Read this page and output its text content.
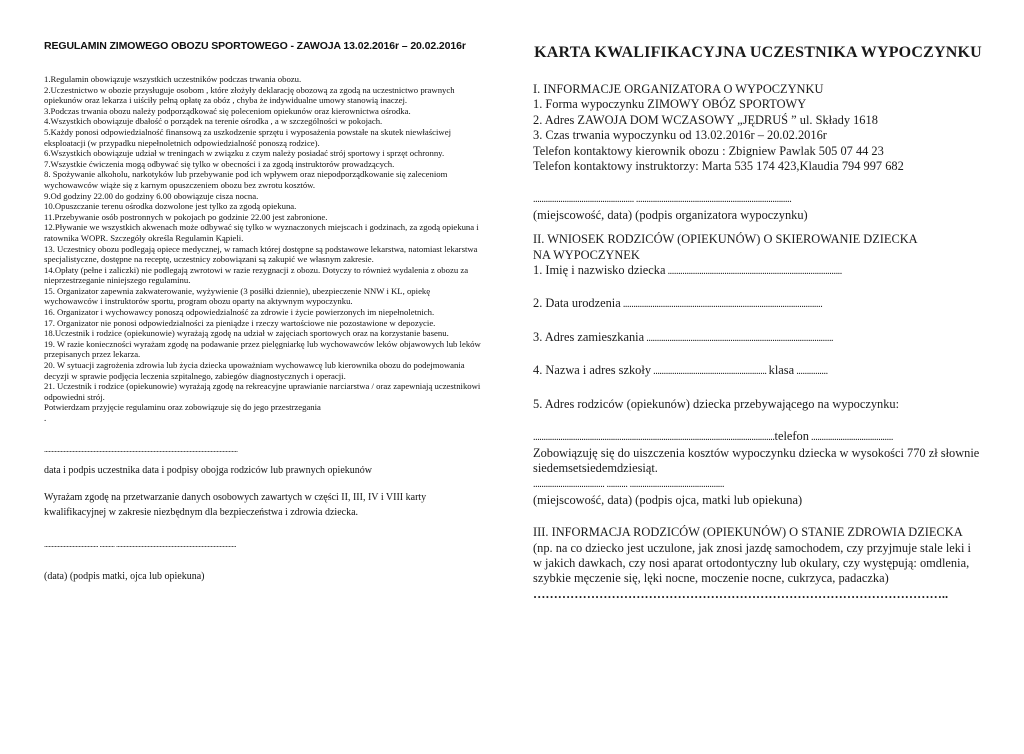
REGULAMIN ZIMOWEGO OBOZU SPORTOWEGO - ZAWOJA 13.02.2016r – 20.02.2016r

1.Regulamin obowiązuje wszystkich uczestników podczas trwania obozu.

2.Uczestnictwo w obozie przysługuje osobom , które złożyły deklarację obozową za zgodą na uczestnictwo prawnych opiekunów oraz lekarza i uiściły pełną opłatę za obóz , chyba że indywidualne umowy stanowią inaczej.

3.Podczas trwania obozu należy podporządkować się poleceniom opiekunów oraz kierownictwa ośrodka.

4.Wszystkich obowiązuje dbałość o porządek na terenie ośrodka , a w szczególności w pokojach.

5.Każdy ponosi odpowiedzialność finansową za uszkodzenie sprzętu i wyposażenia powstałe na skutek niewłaściwej eksploatacji (w przypadku niepełnoletnich odpowiedzialność ponoszą rodzice).

6.Wszystkich obowiązuje udział w treningach w związku z czym należy posiadać strój sportowy i sprzęt ochronny.

7.Wszystkie ćwiczenia mogą odbywać się tylko w obecności i za zgodą instruktorów prowadzących.

8. Spożywanie alkoholu, narkotyków lub przebywanie pod ich wpływem oraz niepodporządkowanie się zaleceniom wychowawców wiąże się z karnym opuszczeniem obozu bez zwrotu kosztów.

9.Od godziny 22.00 do godziny 6.00 obowiązuje cisza nocna.

10.Opuszczanie terenu ośrodka dozwolone jest tylko za zgodą opiekuna.

11.Przebywanie osób postronnych w pokojach po godzinie 22.00 jest zabronione.

12.Pływanie we wszystkich akwenach może odbywać się tylko w wyznaczonych miejscach i godzinach, za zgodą opiekuna i ratownika WOPR. Szczegóły określa Regulamin Kąpieli.

13. Uczestnicy obozu podlegają opiece medycznej, w ramach której dostępne są podstawowe lekarstwa, natomiast lekarstwa specjalistyczne, dostępne na receptę, uczestnicy zobowiązani są zakupić we własnym zakresie.

14.Opłaty (pełne i zaliczki) nie podlegają zwrotowi w razie rezygnacji z obozu. Dotyczy to również wydalenia z obozu za nieprzestrzeganie niniejszego regulaminu.

15. Organizator zapewnia zakwaterowanie, wyżywienie (3 posiłki dziennie), ubezpieczenie NNW i KL, opiekę wychowawców i instruktorów sportu, program obozu oparty na aktywnym wypoczynku.

16. Organizator i wychowawcy ponoszą odpowiedzialność za zdrowie i życie powierzonych im niepełnoletnich.

17. Organizator nie ponosi odpowiedzialności za pieniądze i rzeczy wartościowe nie pozostawione w depozycie.

18.Uczestnik i rodzice (opiekunowie) wyrażają zgodę na udział w zajęciach sportowych oraz na korzystanie basenu.

19. W razie konieczności wyrażam zgodę na podawanie przez pielęgniarkę lub wychowawców leków objawowych lub leków przepisanych przez lekarza.

20. W sytuacji zagrożenia zdrowia lub życia dziecka upoważniam wychowawcę lub kierownika obozu do podejmowania decyzji w sprawie podjęcia leczenia szpitalnego, zabiegów diagnostycznych i operacji.

21. Uczestnik i rodzice (opiekunowie) wyrażają zgodę na rekreacyjne uprawianie narciarstwa / oraz zapewniają uczestnikowi odpowiedni strój.

Potwierdzam przyjęcie regulaminu oraz zobowiązuje się do jego przestrzegania

.

.................................................................................................................................

data i podpis uczestnika data i podpisy obojga rodziców lub prawnych opiekunów

Wyrażam zgodę na przetwarzanie danych osobowych zawartych w części II, III, IV i VIII karty kwalifikacyjnej w zakresie niezbędnym dla bezpieczeństwa i zdrowia dziecka.

.................................... .......... ................................................................................

(data) (podpis matki, ojca lub opiekuna)

KARTA KWALIFIKACYJNA UCZESTNIKA WYPOCZYNKU

I. INFORMACJE ORGANIZATORA O WYPOCZYNKU

1. Forma wypoczynku ZIMOWY OBÓZ SPORTOWY

2. Adres ZAWOJA DOM WCZASOWY „JĘDRUŚ ” ul. Składy 1618

3. Czas trwania wypoczynku od 13.02.2016r – 20.02.2016r

Telefon kontaktowy kierownik obozu : Zbigniew Pawlak 505 07 44 23

Telefon kontaktowy instruktorzy: Marta 535 174 423,Klaudia 794 997 682

................................................ ..........................................................................

(miejscowość, data) (podpis organizatora wypoczynku)

II. WNIOSEK RODZICÓW (OPIEKUNÓW) O SKIEROWANIE DZIECKA

NA WYPOCZYNEK

1. Imię i nazwisko dziecka ...................................................................................

2. Data urodzenia ...............................................................................................

3. Adres zamieszkania .........................................................................................

4. Nazwa i adres szkoły ...................................................... klasa ...............

5. Adres rodziców (opiekunów) dziecka przebywającego na wypoczynku:

...................................................................................................................telefon .......................................

Zobowiązuję się do uiszczenia kosztów wypoczynku dziecka w wysokości 770 zł słownie siedemsetsiedemdziesiąt.

.................................. .......... .............................................

(miejscowość, data) (podpis ojca, matki lub opiekuna)

III. INFORMACJA RODZICÓW (OPIEKUNÓW) O STANIE ZDROWIA DZIECKA

(np. na co dziecko jest uczulone, jak znosi jazdę samochodem, czy przyjmuje stale leki i w jakich dawkach, czy nosi aparat ortodontyczny lub okulary, czy występują: omdlenia, szybkie męczenie się, lęki nocne, moczenie nocne, cukrzyca, padaczka)

………………………………………………………………………………………..
